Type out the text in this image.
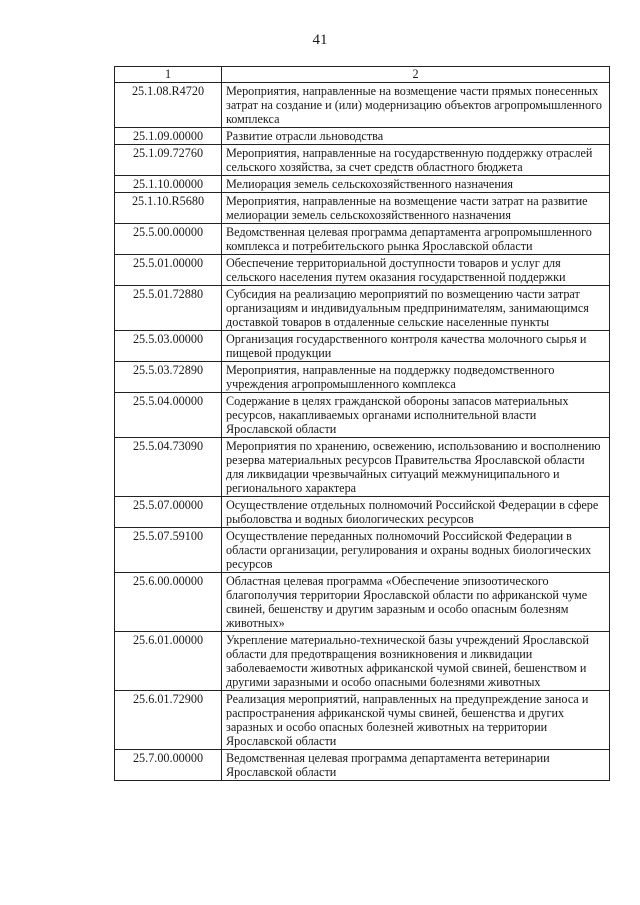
41
1	2
25.1.08.R4720	Мероприятия, направленные на возмещение части прямых понесенных затрат на создание и (или) модернизацию объектов агропромышленного комплекса
25.1.09.00000	Развитие отрасли льноводства
25.1.09.72760	Мероприятия, направленные на государственную поддержку отраслей сельского хозяйства, за счет средств областного бюджета
25.1.10.00000	Мелиорация земель сельскохозяйственного назначения
25.1.10.R5680	Мероприятия, направленные на возмещение части затрат на развитие мелиорации земель сельскохозяйственного назначения
25.5.00.00000	Ведомственная целевая программа департамента агропромышленного комплекса и потребительского рынка Ярославской области
25.5.01.00000	Обеспечение территориальной доступности товаров и услуг для сельского населения путем оказания государственной поддержки
25.5.01.72880	Субсидия на реализацию мероприятий по возмещению части затрат организациям и индивидуальным предпринимателям, занимающимся доставкой товаров в отдаленные сельские населенные пункты
25.5.03.00000	Организация государственного контроля качества молочного сырья и пищевой продукции
25.5.03.72890	Мероприятия, направленные на поддержку подведомственного учреждения агропромышленного комплекса
25.5.04.00000	Содержание в целях гражданской обороны запасов материальных ресурсов, накапливаемых органами исполнительной власти Ярославской области
25.5.04.73090	Мероприятия по хранению, освежению, использованию и восполнению резерва материальных ресурсов Правительства Ярославской области для ликвидации чрезвычайных ситуаций межмуниципального и регионального характера
25.5.07.00000	Осуществление отдельных полномочий Российской Федерации в сфере рыболовства и водных биологических ресурсов
25.5.07.59100	Осуществление переданных полномочий Российской Федерации в области организации, регулирования и охраны водных биологических ресурсов
25.6.00.00000	Областная целевая программа «Обеспечение эпизоотического благополучия территории Ярославской области по африканской чуме свиней, бешенству и другим заразным и особо опасным болезням животных»
25.6.01.00000	Укрепление материально-технической базы учреждений Ярославской области для предотвращения возникновения и ликвидации заболеваемости животных африканской чумой свиней, бешенством и другими заразными и особо опасными болезнями животных
25.6.01.72900	Реализация мероприятий, направленных на предупреждение заноса и распространения африканской чумы свиней, бешенства и других заразных и особо опасных болезней животных на территории Ярославской области
25.7.00.00000	Ведомственная целевая программа департамента ветеринарии Ярославской области
